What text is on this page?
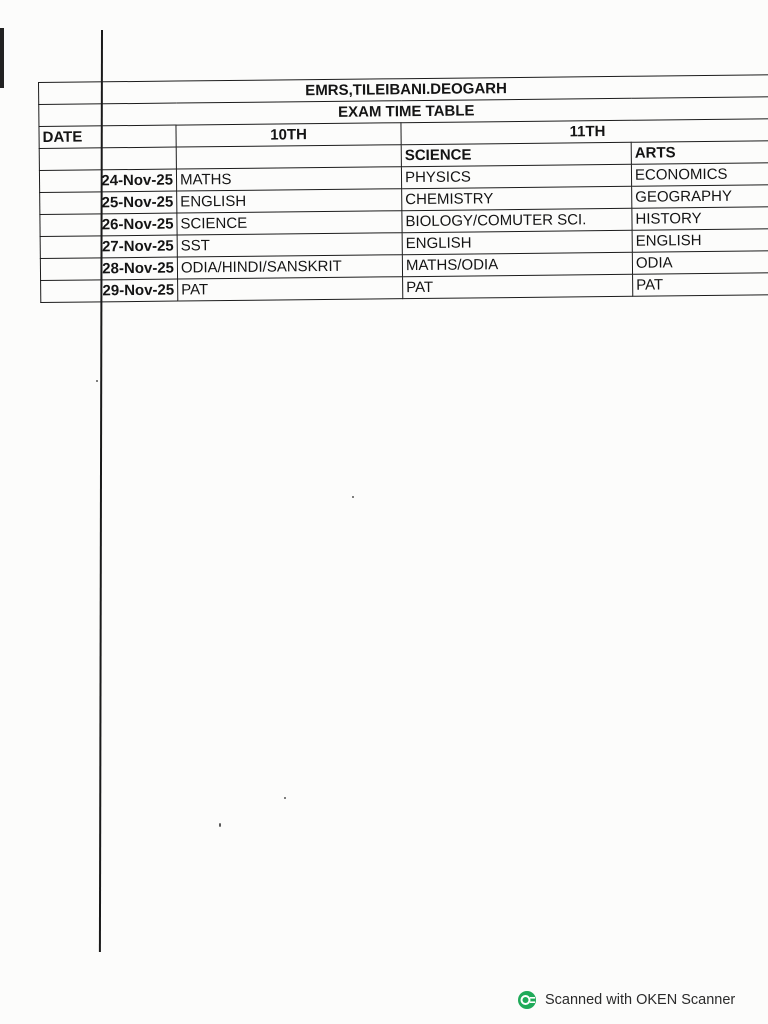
EMRS,TILEIBANI.DEOGARH			
EXAM TIME TABLE			
DATE	10TH	11TH	
		SCIENCE	ARTS
24-Nov-25	MATHS	PHYSICS	ECONOMICS
25-Nov-25	ENGLISH	CHEMISTRY	GEOGRAPHY
26-Nov-25	SCIENCE	BIOLOGY/COMUTER SCI.	HISTORY
27-Nov-25	SST	ENGLISH	ENGLISH
28-Nov-25	ODIA/HINDI/SANSKRIT	MATHS/ODIA	ODIA
29-Nov-25	PAT	PAT	PAT
Scanned with OKEN Scanner
